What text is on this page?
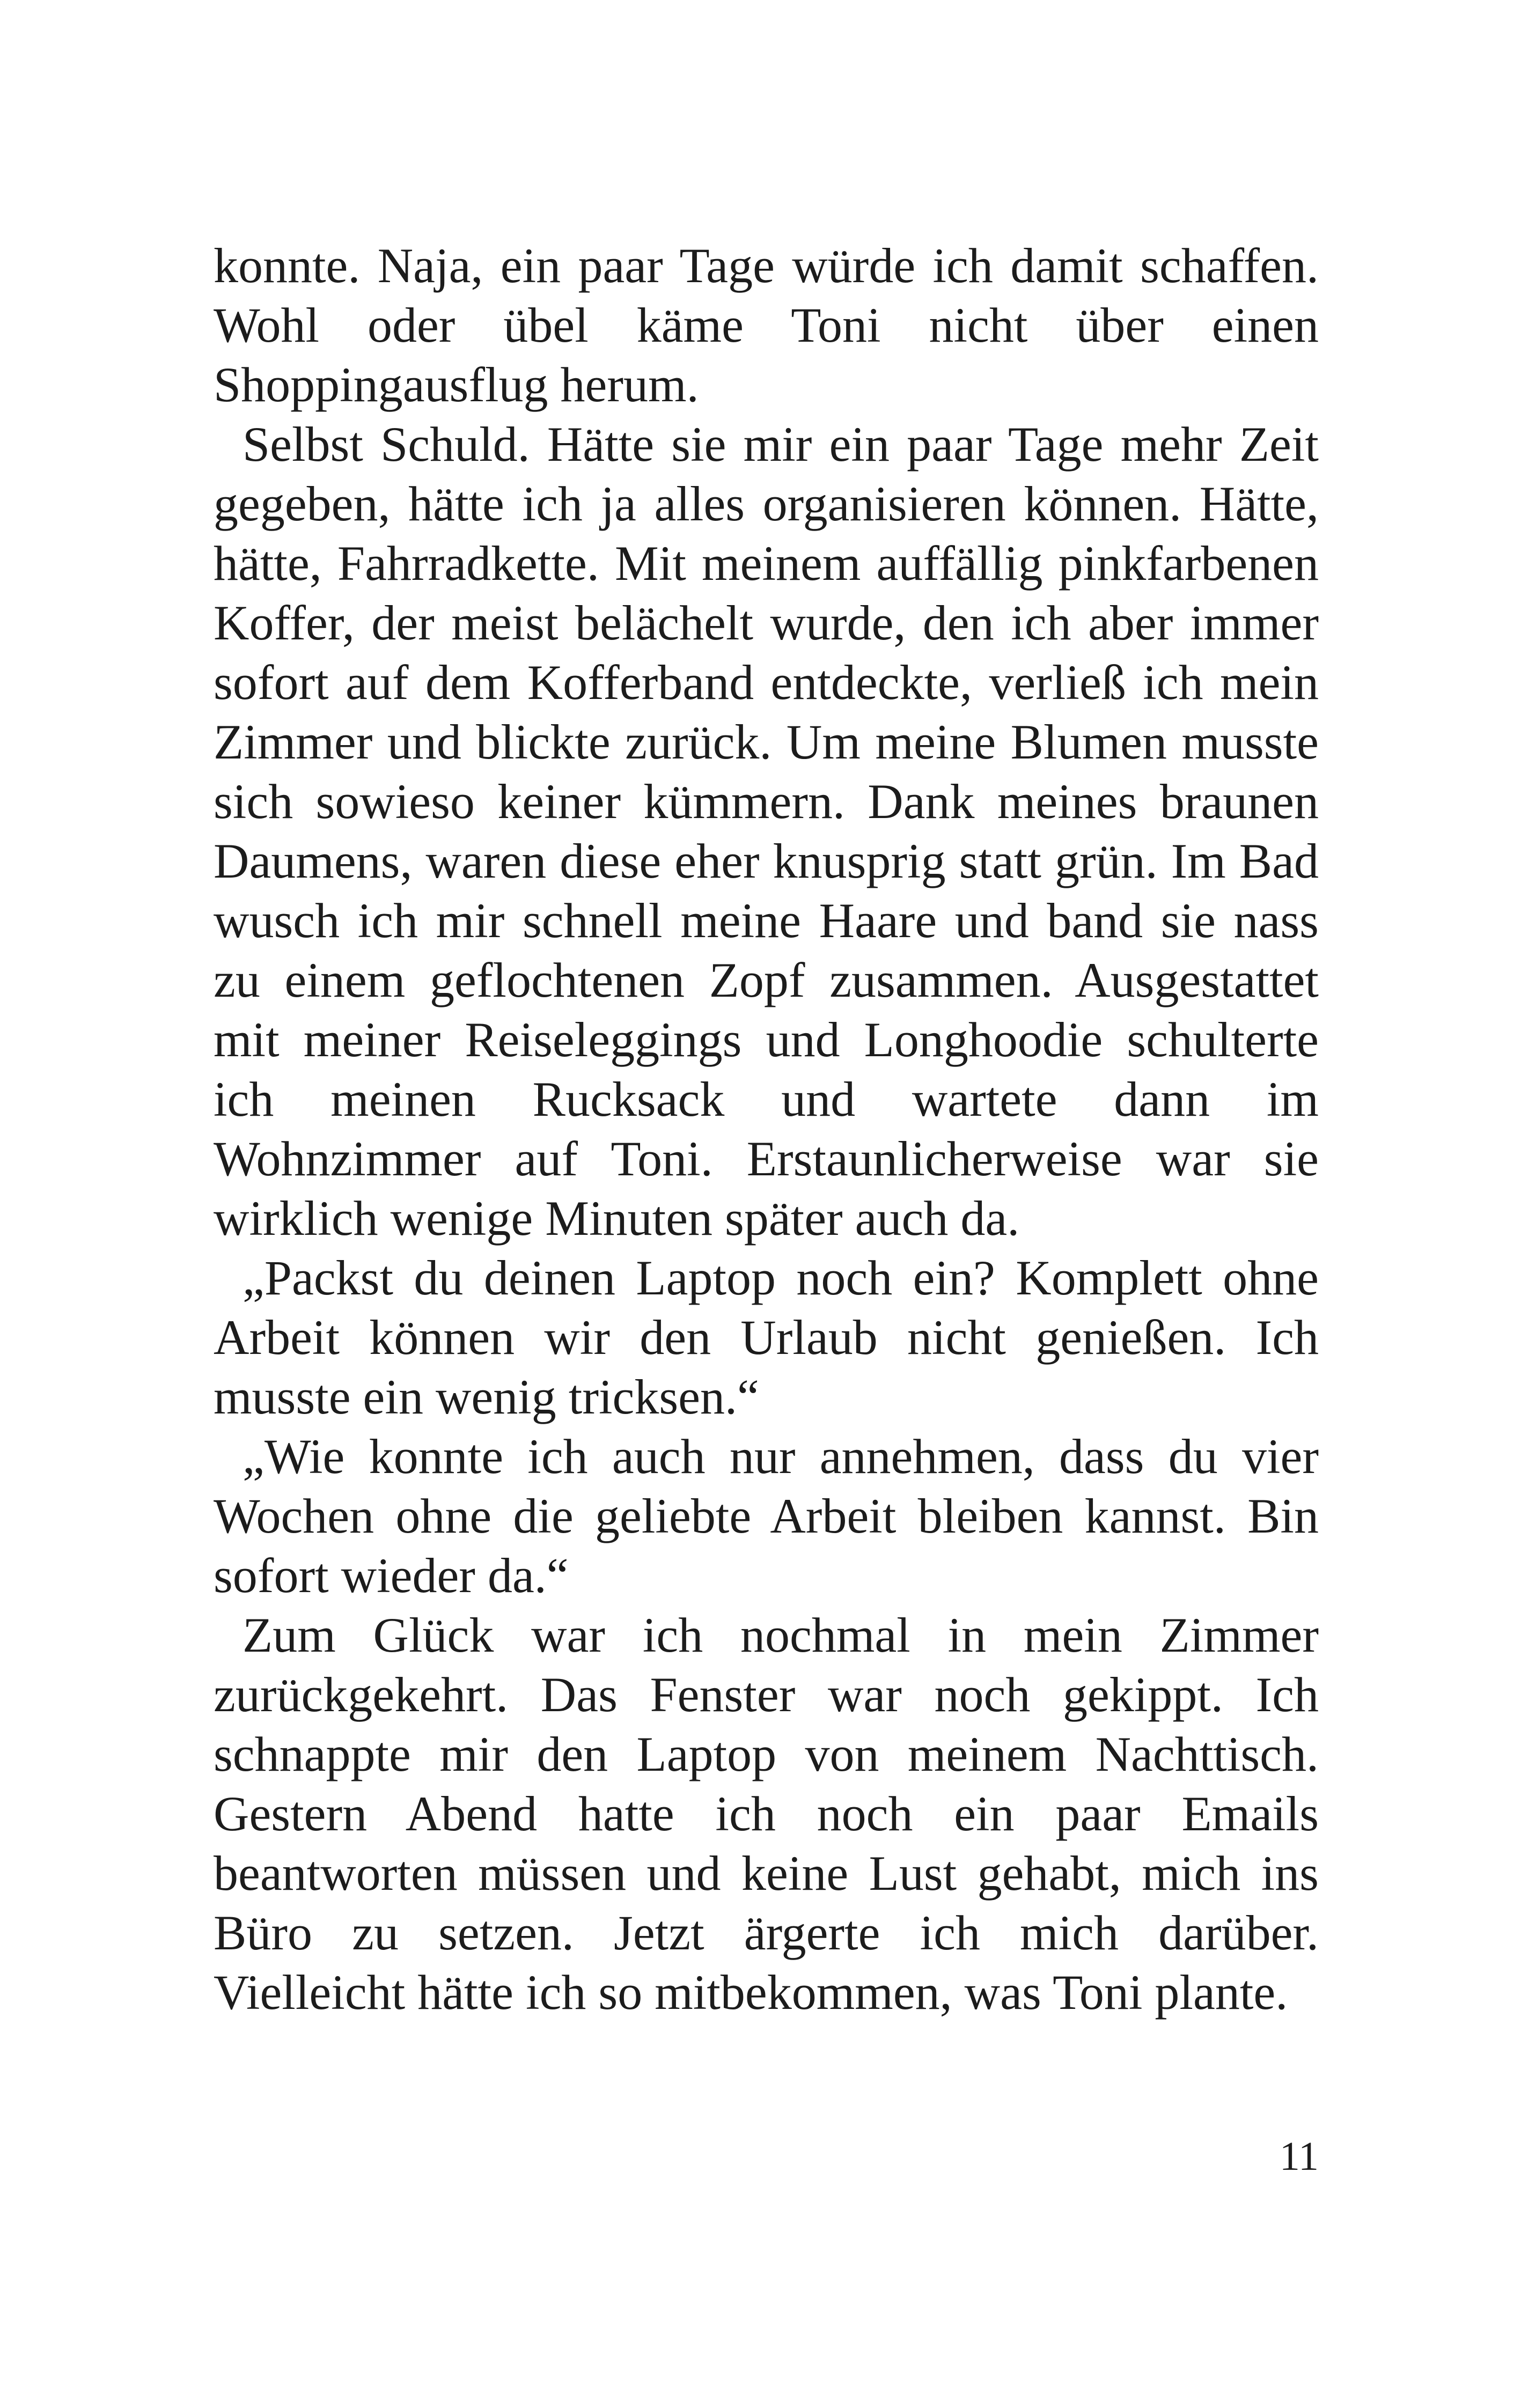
konnte. Naja, ein paar Tage würde ich damit schaffen. Wohl oder übel käme Toni nicht über einen Shoppingausflug herum.

Selbst Schuld. Hätte sie mir ein paar Tage mehr Zeit gegeben, hätte ich ja alles organisieren können. Hätte, hätte, Fahrradkette. Mit meinem auffällig pinkfarbenen Koffer, der meist belächelt wurde, den ich aber immer sofort auf dem Kofferband entdeckte, verließ ich mein Zimmer und blickte zurück. Um meine Blumen musste sich sowieso keiner kümmern. Dank meines braunen Daumens, waren diese eher knusprig statt grün. Im Bad wusch ich mir schnell meine Haare und band sie nass zu einem geflochtenen Zopf zusammen. Ausgestattet mit meiner Reiseleggings und Longhoodie schulterte ich meinen Rucksack und wartete dann im Wohnzimmer auf Toni. Erstaunlicherweise war sie wirklich wenige Minuten später auch da.

„Packst du deinen Laptop noch ein? Komplett ohne Arbeit können wir den Urlaub nicht genießen. Ich musste ein wenig tricksen.“

„Wie konnte ich auch nur annehmen, dass du vier Wochen ohne die geliebte Arbeit bleiben kannst. Bin sofort wieder da.“

Zum Glück war ich nochmal in mein Zimmer zurückgekehrt. Das Fenster war noch gekippt. Ich schnappte mir den Laptop von meinem Nachttisch. Gestern Abend hatte ich noch ein paar Emails beantworten müssen und keine Lust gehabt, mich ins Büro zu setzen. Jetzt ärgerte ich mich darüber. Vielleicht hätte ich so mitbekommen, was Toni plante.

11
